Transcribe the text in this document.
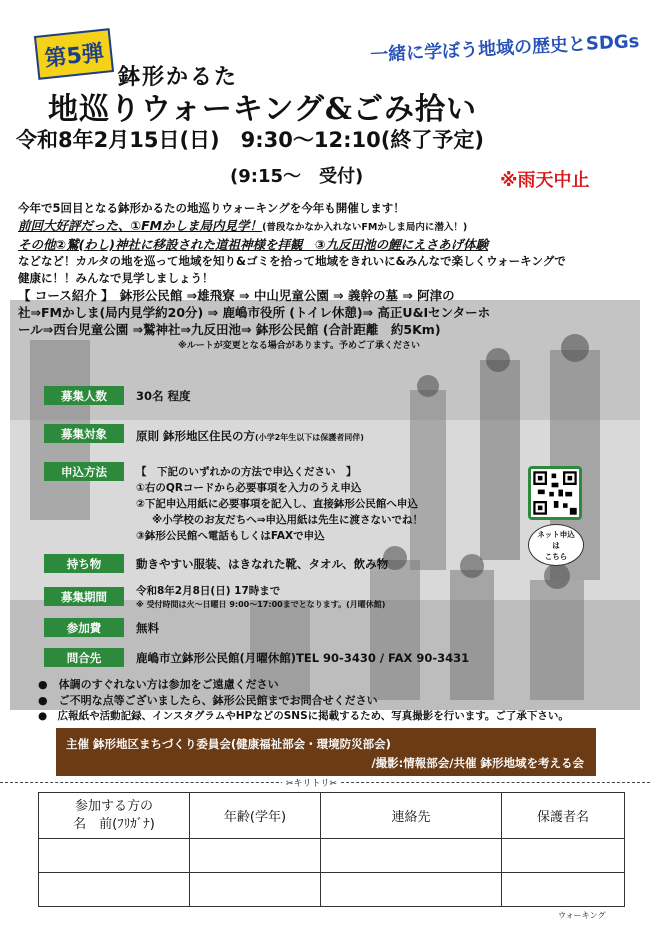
第5弾	一緒に学ぼう地域の歴史とSDGs
鉢形かるた
地巡りウォーキング&ごみ拾い
令和8年2月15日(日)　9:30〜12:10(終了予定)
(9:15〜　受付)	※雨天中止
今年で5回目となる鉢形かるたの地巡りウォーキングを今年も開催します！
前回大好評だった、①FMかしま局内見学！(普段なかなか入れないFMかしま局内に潜入！)
その他②鷲(わし)神社に移設された道祖神様を拝観　③九反田池の鯉にえさあげ体験
などなど！カルタの地を巡って地域を知り&ゴミを拾って地域をきれいに&みんなで楽しくウォーキングで
健康に！！みんなで見学しましょう！
【 コース紹介 】　鉢形公民館 ⇒雄飛寮 ⇒ 中山児童公園 ⇒ 義幹の墓 ⇒ 阿津の
社⇒FMかしま(局内見学約20分) ⇒ 鹿嶋市役所 (トイレ休憩)⇒ 高正U&Iセンターホ
ール⇒西台児童公園 ⇒鷲神社⇒九反田池⇒ 鉢形公民館 (合計距離　約5Km)
※ルートが変更となる場合があります。予めご了承ください
募集人数	30名 程度
募集対象	原則 鉢形地区住民の方(小学2年生以下は保護者同伴)
申込方法	【　下記のいずれかの方法で申込ください　】
①右のQRコードから必要事項を入力のうえ申込
②下記申込用紙に必要事項を記入し、直接鉢形公民館へ申込
※小学校のお友だちへ⇒申込用紙は先生に渡さないでね！
③鉢形公民館へ電話もしくはFAXで申込	ネット申込
は
こちら
持ち物	動きやすい服装、はきなれた靴、タオル、飲み物
募集期間	令和8年2月8日(日) 17時まで
※ 受付時間は火〜日曜日 9:00〜17:00までとなります。(月曜休館)
参加費	無料
問合先	鹿嶋市立鉢形公民館(月曜休館)TEL 90-3430 / FAX 90-3431
●　体調のすぐれない方は参加をご遠慮ください
●　ご不明な点等ございましたら、鉢形公民館までお問合せください
●　広報紙や活動記録、インスタグラムやHPなどのSNSに掲載するため、写真撮影を行います。ご了承下さい。
主催 鉢形地区まちづくり委員会(健康福祉部会・環境防災部会)
/撮影:情報部会/共催 鉢形地域を考える会
✂キリトリ✂
参加する方の
名　前(ﾌﾘｶﾞﾅ)	年齢(学年)	連絡先	保護者名

ウォーキング
